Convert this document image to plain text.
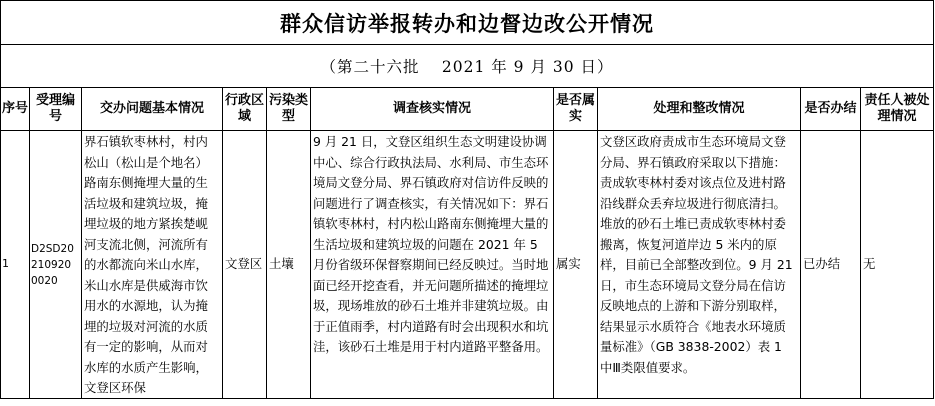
群众信访举报转办和边督边改公开情况									
（第二十六批　 2021 年 9 月 30 日）									
序号	受理编号	交办问题基本情况	行政区域	污染类型	调查核实情况	是否属实	处理和整改情况	是否办结	责任人被处理情况
1	D2SD20210920 0020	界石镇软枣林村，村内松山（松山是个地名）路南东侧掩埋大量的生活垃圾和建筑垃圾，掩埋垃圾的地方紧挨楚岘河支流北侧，河流所有的水都流向米山水库，米山水库是供威海市饮用水的水源地，认为掩埋的垃圾对河流的水质有一定的影响，从而对水库的水质产生影响，文登区环保	文登区	土壤	9 月 21 日，文登区组织生态文明建设协调中心、综合行政执法局、水利局、市生态环境局文登分局、界石镇政府对信访件反映的问题进行了调查核实，有关情况如下：界石镇软枣林村，村内松山路南东侧掩埋大量的生活垃圾和建筑垃圾的问题在 2021 年 5 月份省级环保督察期间已经反映过。当时地面已经开挖查看，并无问题所描述的掩埋垃圾，现场堆放的砂石土堆并非建筑垃圾。由于正值雨季，村内道路有时会出现积水和坑洼，该砂石土堆是用于村内道路平整备用。	属实	文登区政府责成市生态环境局文登分局、界石镇政府采取以下措施：责成软枣林村委对该点位及进村路沿线群众丢弃垃圾进行彻底清扫。堆放的砂石土堆已责成软枣林村委搬离，恢复河道岸边 5 米内的原样，目前已全部整改到位。9 月 21 日，市生态环境局文登分局在信访反映地点的上游和下游分别取样，结果显示水质符合《地表水环境质量标准》（GB 3838-2002）表 1 中Ⅲ类限值要求。	已办结	无
